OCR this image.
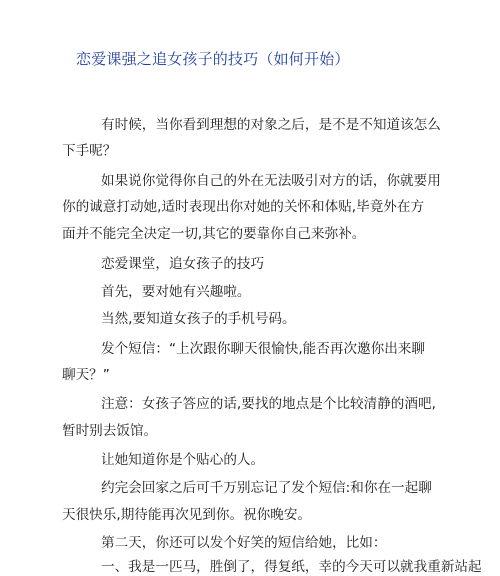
恋爱课强之追女孩子的技巧（如何开始）
有时候，当你看到理想的对象之后，是不是不知道该怎么
下手呢？
如果说你觉得你自己的外在无法吸引对方的话，你就要用
你的诚意打动她,适时表现出你对她的关怀和体贴,毕竟外在方
面并不能完全决定一切,其它的要靠你自己来弥补。
恋爱课堂，追女孩子的技巧
首先，要对她有兴趣啦。
当然,要知道女孩子的手机号码。
发个短信：“上次跟你聊天很愉快,能否再次邀你出来聊
聊天？”
注意：女孩子答应的话,要找的地点是个比较清静的酒吧,
暂时别去饭馆。
让她知道你是个贴心的人。
约完会回家之后可千万别忘记了发个短信:和你在一起聊
天很快乐,期待能再次见到你。祝你晚安。
第二天，你还可以发个好笑的短信给她，比如：
一、我是一匹马，胜倒了，得复纸，幸的今天可以就我重新站起
